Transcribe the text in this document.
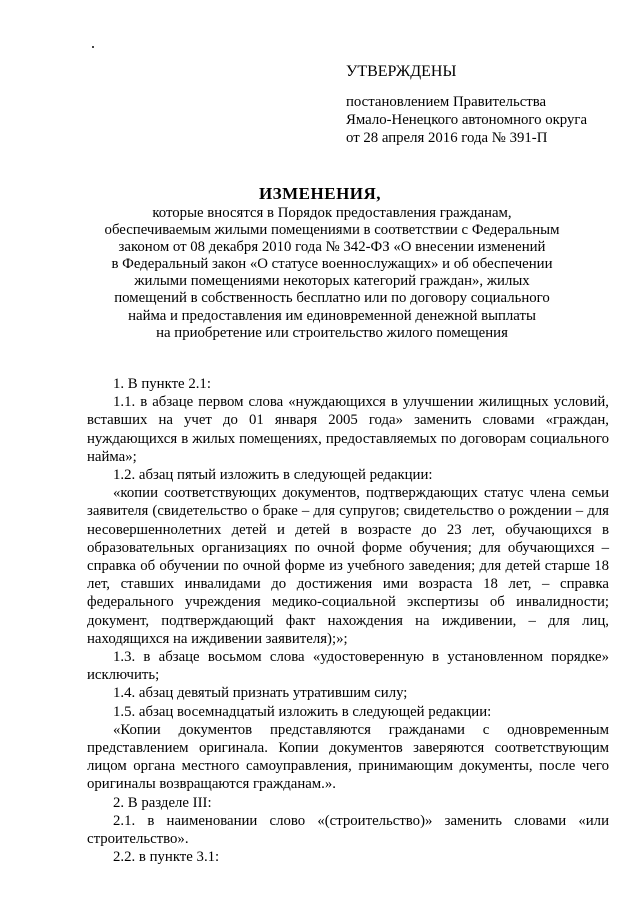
УТВЕРЖДЕНЫ
постановлением Правительства
Ямало-Ненецкого автономного округа
от 28 апреля 2016 года № 391-П
ИЗМЕНЕНИЯ,
которые вносятся в Порядок предоставления гражданам,
обеспечиваемым жилыми помещениями в соответствии с Федеральным
законом от 08 декабря 2010 года № 342-ФЗ «О внесении изменений
в Федеральный закон «О статусе военнослужащих» и об обеспечении
жилыми помещениями некоторых категорий граждан», жилых
помещений в собственность бесплатно или по договору социального
найма и предоставления им единовременной денежной выплаты
на приобретение или строительство жилого помещения

1. В пункте 2.1:

1.1. в абзаце первом слова «нуждающихся в улучшении жилищных условий, вставших на учет до 01 января 2005 года» заменить словами «граждан, нуждающихся в жилых помещениях, предоставляемых по договорам социального найма»;

1.2. абзац пятый изложить в следующей редакции:

«копии соответствующих документов, подтверждающих статус члена семьи заявителя (свидетельство о браке – для супругов; свидетельство о рождении – для несовершеннолетних детей и детей в возрасте до 23 лет, обучающихся в образовательных организациях по очной форме обучения; для обучающихся – справка об обучении по очной форме из учебного заведения; для детей старше 18 лет, ставших инвалидами до достижения ими возраста 18 лет, – справка федерального учреждения медико-социальной экспертизы об инвалидности; документ, подтверждающий факт нахождения на иждивении, – для лиц, находящихся на иждивении заявителя);»;

1.3. в абзаце восьмом слова «удостоверенную в установленном порядке» исключить;

1.4. абзац девятый признать утратившим силу;

1.5. абзац восемнадцатый изложить в следующей редакции:

«Копии документов представляются гражданами с одновременным представлением оригинала. Копии документов заверяются соответствующим лицом органа местного самоуправления, принимающим документы, после чего оригиналы возвращаются гражданам.».

2. В разделе III:

2.1. в наименовании слово «(строительство)» заменить словами «или строительство».

2.2. в пункте 3.1:
